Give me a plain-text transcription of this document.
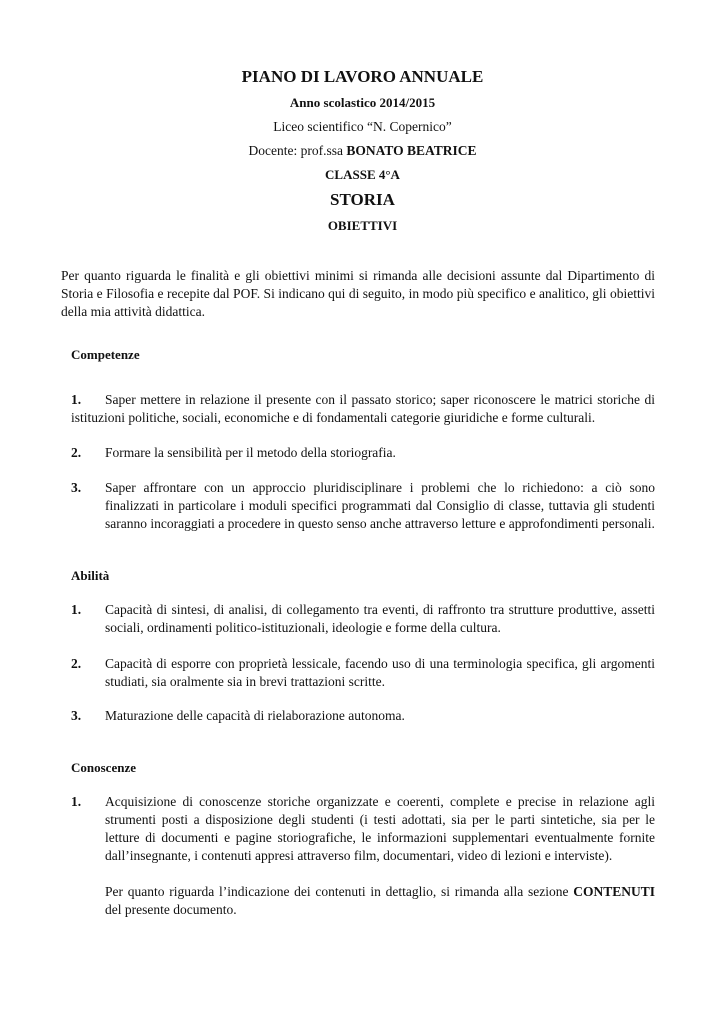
PIANO DI LAVORO ANNUALE
Anno scolastico 2014/2015
Liceo scientifico “N. Copernico”
Docente: prof.ssa BONATO BEATRICE
CLASSE 4°A
STORIA
OBIETTIVI
Per quanto riguarda le finalità e gli obiettivi minimi si rimanda alle decisioni assunte dal Dipartimento di Storia e Filosofia e recepite dal POF. Si indicano qui di seguito, in modo più specifico e analitico, gli obiettivi della mia attività didattica.
Competenze
1.	Saper mettere in relazione il presente con il passato storico; saper riconoscere le matrici storiche di istituzioni politiche, sociali, economiche e di fondamentali categorie giuridiche e forme culturali.
2. Formare la sensibilità per il metodo della storiografia.
3. Saper affrontare con un approccio pluridisciplinare i problemi che lo richiedono: a ciò sono finalizzati in particolare i moduli specifici programmati dal Consiglio di classe, tuttavia gli studenti saranno incoraggiati a procedere in questo senso anche attraverso letture e approfondimenti personali.
Abilità
1. Capacità di sintesi, di analisi, di collegamento tra eventi, di raffronto tra strutture produttive, assetti sociali, ordinamenti politico-istituzionali, ideologie e forme della cultura.
2. Capacità di esporre con proprietà lessicale, facendo uso di una terminologia specifica, gli argomenti studiati, sia oralmente sia in brevi trattazioni scritte.
3. Maturazione delle capacità di rielaborazione autonoma.
Conoscenze
1. Acquisizione di conoscenze storiche organizzate e coerenti, complete e precise in relazione agli strumenti posti a disposizione degli studenti (i testi adottati, sia per le parti sintetiche, sia per le letture di documenti e pagine storiografiche, le informazioni supplementari eventualmente fornite dall’insegnante, i contenuti appresi attraverso film, documentari, video di lezioni e interviste).
Per quanto riguarda l’indicazione dei contenuti in dettaglio, si rimanda alla sezione CONTENUTI del presente documento.
